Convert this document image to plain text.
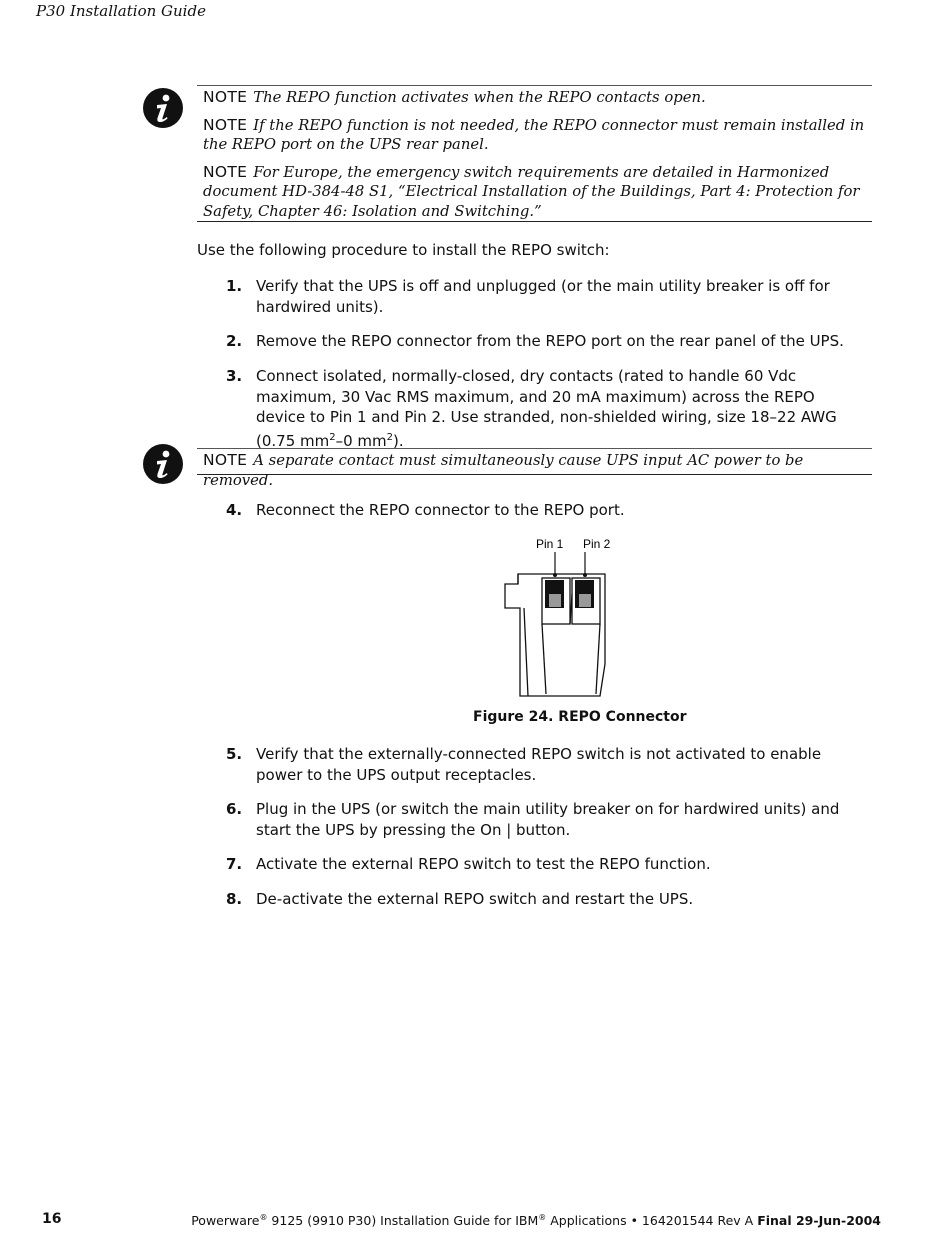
P30 Installation Guide

NOTE The REPO function activates when the REPO contacts open.

NOTE If the REPO function is not needed, the REPO connector must remain installed in the REPO port on the UPS rear panel.

NOTE For Europe, the emergency switch requirements are detailed in Harmonized document HD-384-48 S1, “Electrical Installation of the Buildings, Part 4: Protection for Safety, Chapter 46: Isolation and Switching.”

Use the following procedure to install the REPO switch:
1. Verify that the UPS is off and unplugged (or the main utility breaker is off for hardwired units).
2. Remove the REPO connector from the REPO port on the rear panel of the UPS.
3. Connect isolated, normally-closed, dry contacts (rated to handle 60 Vdc maximum, 30 Vac RMS maximum, and 20 mA maximum) across the REPO device to Pin 1 and Pin 2. Use stranded, non-shielded wiring, size 18–22 AWG (0.75 $mm^2-0$ $mm^2$).

NOTE A separate contact must simultaneously cause UPS input AC power to be removed.

4. Reconnect the REPO connector to the REPO port.
Pin 1 Pin 2
Figure 24. REPO Connector
5. Verify that the externally-connected REPO switch is not activated to enable power to the UPS output receptacles.
6. Plug in the UPS (or switch the main utility breaker on for hardwired units) and start the UPS by pressing the On | button.
7. Activate the external REPO switch to test the REPO function.
8. De-activate the external REPO switch and restart the UPS.
16	Powerware® 9125 (9910 P30) Installation Guide for IBM® Applications • 164201544 Rev A Final 29-Jun-2004
